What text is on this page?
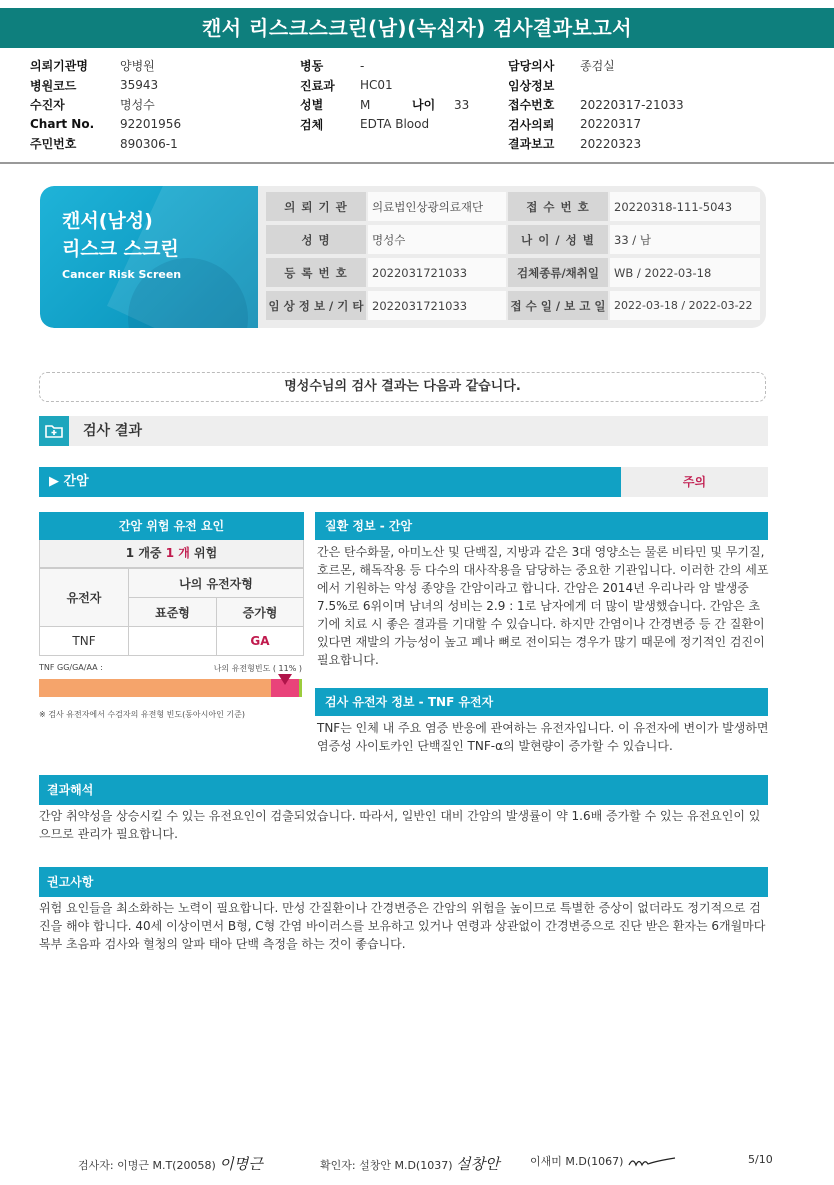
캔서 리스크스크린(남)(녹십자) 검사결과보고서
의뢰기관명	양병원
병원코드	35943
수진자	명성수
Chart No.	92201956
주민번호	890306-1
병동	-
진료과	HC01
성별	M	나이	33
검체	EDTA Blood
담당의사	종검실
임상정보
접수번호	20220317-21033
검사의뢰	20220317
결과보고	20220323
캔서(남성)
리스크 스크린
Cancer Risk Screen
의 뢰 기 관	의료법인상광의료재단	접 수 번 호	20220318-111-5043
성 명	명성수	나 이 / 성 별	33 / 남
등 록 번 호	2022031721033	검체종류/채취일	WB / 2022-03-18
임 상 정 보 / 기 타 2022031721033	접 수 일 / 보 고 일 2022-03-18 / 2022-03-22
명성수님의 검사 결과는 다음과 같습니다.
검사 결과
▶ 간암	주의
간암 위험 유전 요인
1 개중 1 개 위험
유전자	나의 유전자형	
	표준형	증가형
TNF		GA
TNF GG/GA/AA :	나의 유전형빈도 ( 11% )
※ 검사 유전자에서 수검자의 유전형 빈도(동아시아인 기준)
질환 정보 - 간암
간은 탄수화물, 아미노산 및 단백질, 지방과 같은 3대 영양소는 물론 비타민 및 무기질, 호르몬, 해독작용 등 다수의 대사작용을 담당하는 중요한 기관입니다. 이러한 간의 세포에서 기원하는 악성 종양을 간암이라고 합니다. 간암은 2014년 우리나라 암 발생중 7.5%로 6위이며 남녀의 성비는 2.9 : 1로 남자에게 더 많이 발생했습니다. 간암은 초기에 치료 시 좋은 결과를 기대할 수 있습니다. 하지만 간염이나 간경변증 등 간 질환이 있다면 재발의 가능성이 높고 폐나 뼈로 전이되는 경우가 많기 때문에 정기적인 검진이 필요합니다.
검사 유전자 정보 - TNF 유전자
TNF는 인체 내 주요 염증 반응에 관여하는 유전자입니다. 이 유전자에 변이가 발생하면 염증성 사이토카인 단백질인 TNF-α의 발현량이 증가할 수 있습니다.
결과해석
간암 취약성을 상승시킬 수 있는 유전요인이 검출되었습니다. 따라서, 일반인 대비 간암의 발생률이 약 1.6배 증가할 수 있는 유전요인이 있으므로 관리가 필요합니다.
권고사항
위험 요인들을 최소화하는 노력이 필요합니다. 만성 간질환이나 간경변증은 간암의 위험을 높이므로 특별한 증상이 없더라도 정기적으로 검진을 해야 합니다. 40세 이상이면서 B형, C형 간염 바이러스를 보유하고 있거나 연령과 상관없이 간경변증으로 진단 받은 환자는 6개월마다 복부 초음파 검사와 혈청의 알파 태아 단백 측정을 하는 것이 좋습니다.
검사자: 이명근 M.T(20058) 이명근	확인자: 설창안 M.D(1037) 설창안	이새미 M.D(1067)	5/10
